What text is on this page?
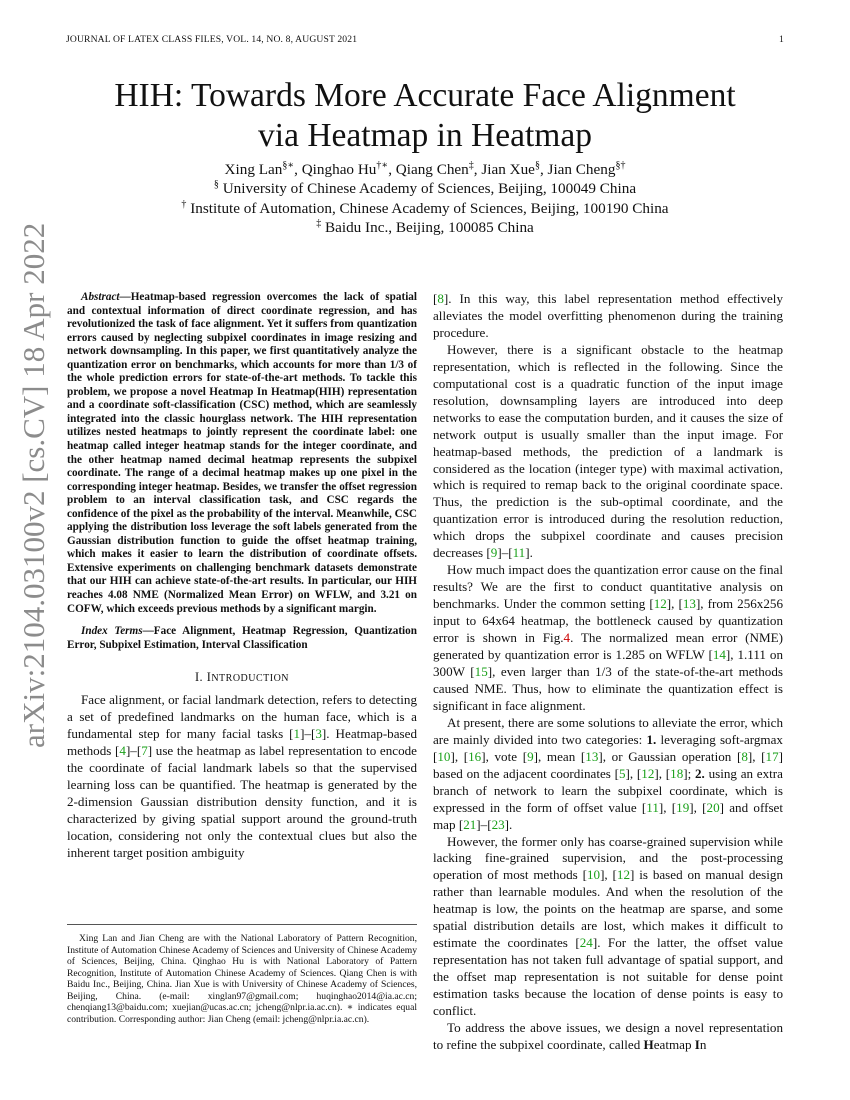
JOURNAL OF LATEX CLASS FILES, VOL. 14, NO. 8, AUGUST 2021	1
arXiv:2104.03100v2 [cs.CV] 18 Apr 2022
HIH: Towards More Accurate Face Alignment
via Heatmap in Heatmap
Xing Lan§∗, Qinghao Hu†∗, Qiang Chen‡, Jian Xue§, Jian Cheng§†
§ University of Chinese Academy of Sciences, Beijing, 100049 China
† Institute of Automation, Chinese Academy of Sciences, Beijing, 100190 China
‡ Baidu Inc., Beijing, 100085 China

Abstract—Heatmap-based regression overcomes the lack of spatial and contextual information of direct coordinate regression, and has revolutionized the task of face alignment. Yet it suffers from quantization errors caused by neglecting subpixel coordinates in image resizing and network downsampling. In this paper, we first quantitatively analyze the quantization error on benchmarks, which accounts for more than 1/3 of the whole prediction errors for state-of-the-art methods. To tackle this problem, we propose a novel Heatmap In Heatmap(HIH) representation and a coordinate soft-classification (CSC) method, which are seamlessly integrated into the classic hourglass network. The HIH representation utilizes nested heatmaps to jointly represent the coordinate label: one heatmap called integer heatmap stands for the integer coordinate, and the other heatmap named decimal heatmap represents the subpixel coordinate. The range of a decimal heatmap makes up one pixel in the corresponding integer heatmap. Besides, we transfer the offset regression problem to an interval classification task, and CSC regards the confidence of the pixel as the probability of the interval. Meanwhile, CSC applying the distribution loss leverage the soft labels generated from the Gaussian distribution function to guide the offset heatmap training, which makes it easier to learn the distribution of coordinate offsets. Extensive experiments on challenging benchmark datasets demonstrate that our HIH can achieve state-of-the-art results. In particular, our HIH reaches 4.08 NME (Normalized Mean Error) on WFLW, and 3.21 on COFW, which exceeds previous methods by a significant margin.

Index Terms—Face Alignment, Heatmap Regression, Quantization Error, Subpixel Estimation, Interval Classification

I. INTRODUCTION

Face alignment, or facial landmark detection, refers to detecting a set of predefined landmarks on the human face, which is a fundamental step for many facial tasks [1]–[3]. Heatmap-based methods [4]–[7] use the heatmap as label representation to encode the coordinate of facial landmark labels so that the supervised learning loss can be quantified. The heatmap is generated by the 2-dimension Gaussian distribution density function, and it is characterized by giving spatial support around the ground-truth location, considering not only the contextual clues but also the inherent target position ambiguity

Xing Lan and Jian Cheng are with the National Laboratory of Pattern Recognition, Institute of Automation Chinese Academy of Sciences and University of Chinese Academy of Sciences, Beijing, China. Qinghao Hu is with National Laboratory of Pattern Recognition, Institute of Automation Chinese Academy of Sciences. Qiang Chen is with Baidu Inc., Beijing, China. Jian Xue is with University of Chinese Academy of Sciences, Beijing, China. (e-mail: xinglan97@gmail.com; huqinghao2014@ia.ac.cn; chenqiang13@baidu.com; xuejian@ucas.ac.cn; jcheng@nlpr.ia.ac.cn). ∗ indicates equal contribution. Corresponding author: Jian Cheng (email: jcheng@nlpr.ia.ac.cn).

[8]. In this way, this label representation method effectively alleviates the model overfitting phenomenon during the training procedure.

However, there is a significant obstacle to the heatmap representation, which is reflected in the following. Since the computational cost is a quadratic function of the input image resolution, downsampling layers are introduced into deep networks to ease the computation burden, and it causes the size of network output is usually smaller than the input image. For heatmap-based methods, the prediction of a landmark is considered as the location (integer type) with maximal activation, which is required to remap back to the original coordinate space. Thus, the prediction is the sub-optimal coordinate, and the quantization error is introduced during the resolution reduction, which drops the subpixel coordinate and causes precision decreases [9]–[11].

How much impact does the quantization error cause on the final results? We are the first to conduct quantitative analysis on benchmarks. Under the common setting [12], [13], from 256x256 input to 64x64 heatmap, the bottleneck caused by quantization error is shown in Fig.4. The normalized mean error (NME) generated by quantization error is 1.285 on WFLW [14], 1.111 on 300W [15], even larger than 1/3 of the state-of-the-art methods caused NME. Thus, how to eliminate the quantization effect is significant in face alignment.

At present, there are some solutions to alleviate the error, which are mainly divided into two categories: 1. leveraging soft-argmax [10], [16], vote [9], mean [13], or Gaussian operation [8], [17] based on the adjacent coordinates [5], [12], [18]; 2. using an extra branch of network to learn the subpixel coordinate, which is expressed in the form of offset value [11], [19], [20] and offset map [21]–[23].

However, the former only has coarse-grained supervision while lacking fine-grained supervision, and the post-processing operation of most methods [10], [12] is based on manual design rather than learnable modules. And when the resolution of the heatmap is low, the points on the heatmap are sparse, and some spatial distribution details are lost, which makes it difficult to estimate the coordinates [24]. For the latter, the offset value representation has not taken full advantage of spatial support, and the offset map representation is not suitable for dense point estimation tasks because the location of dense points is easy to conflict.

To address the above issues, we design a novel representation to refine the subpixel coordinate, called Heatmap In
